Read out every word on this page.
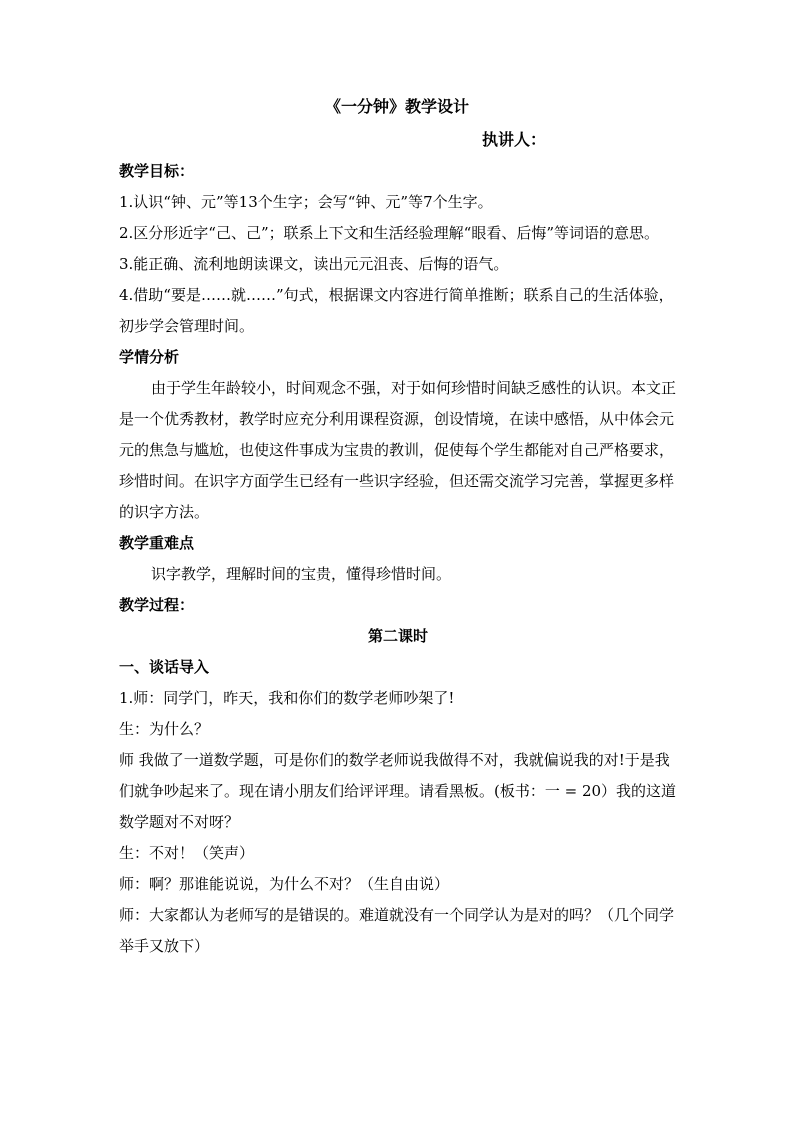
《一分钟》教学设计
执讲人：

教学目标：

1.认识“钟、元”等13个生字；会写“钟、元”等7个生字。

2.区分形近字“己、己”；联系上下文和生活经验理解“眼看、后悔”等词语的意思。

3.能正确、流利地朗读课文，读出元元沮丧、后悔的语气。

4.借助“要是……就……”句式，根据课文内容进行简单推断；联系自己的生活体验，初步学会管理时间。

学情分析

由于学生年龄较小，时间观念不强，对于如何珍惜时间缺乏感性的认识。本文正是一个优秀教材，教学时应充分利用课程资源，创设情境，在读中感悟，从中体会元元的焦急与尴尬，也使这件事成为宝贵的教训，促使每个学生都能对自己严格要求，珍惜时间。在识字方面学生已经有一些识字经验，但还需交流学习完善，掌握更多样的识字方法。

教学重难点

识字教学，理解时间的宝贵，懂得珍惜时间。

教学过程：

第二课时

一、谈话导入

1.师：同学门，昨天，我和你们的数学老师吵架了!

生：为什么？

师 我做了一道数学题，可是你们的数学老师说我做得不对，我就偏说我的对!于是我们就争吵起来了。现在请小朋友们给评评理。请看黑板。(板书：一 = 20）我的这道数学题对不对呀？

生：不对！（笑声）

师：啊？那谁能说说，为什么不对？（生自由说）

师：大家都认为老师写的是错误的。难道就没有一个同学认为是对的吗？（几个同学举手又放下）
